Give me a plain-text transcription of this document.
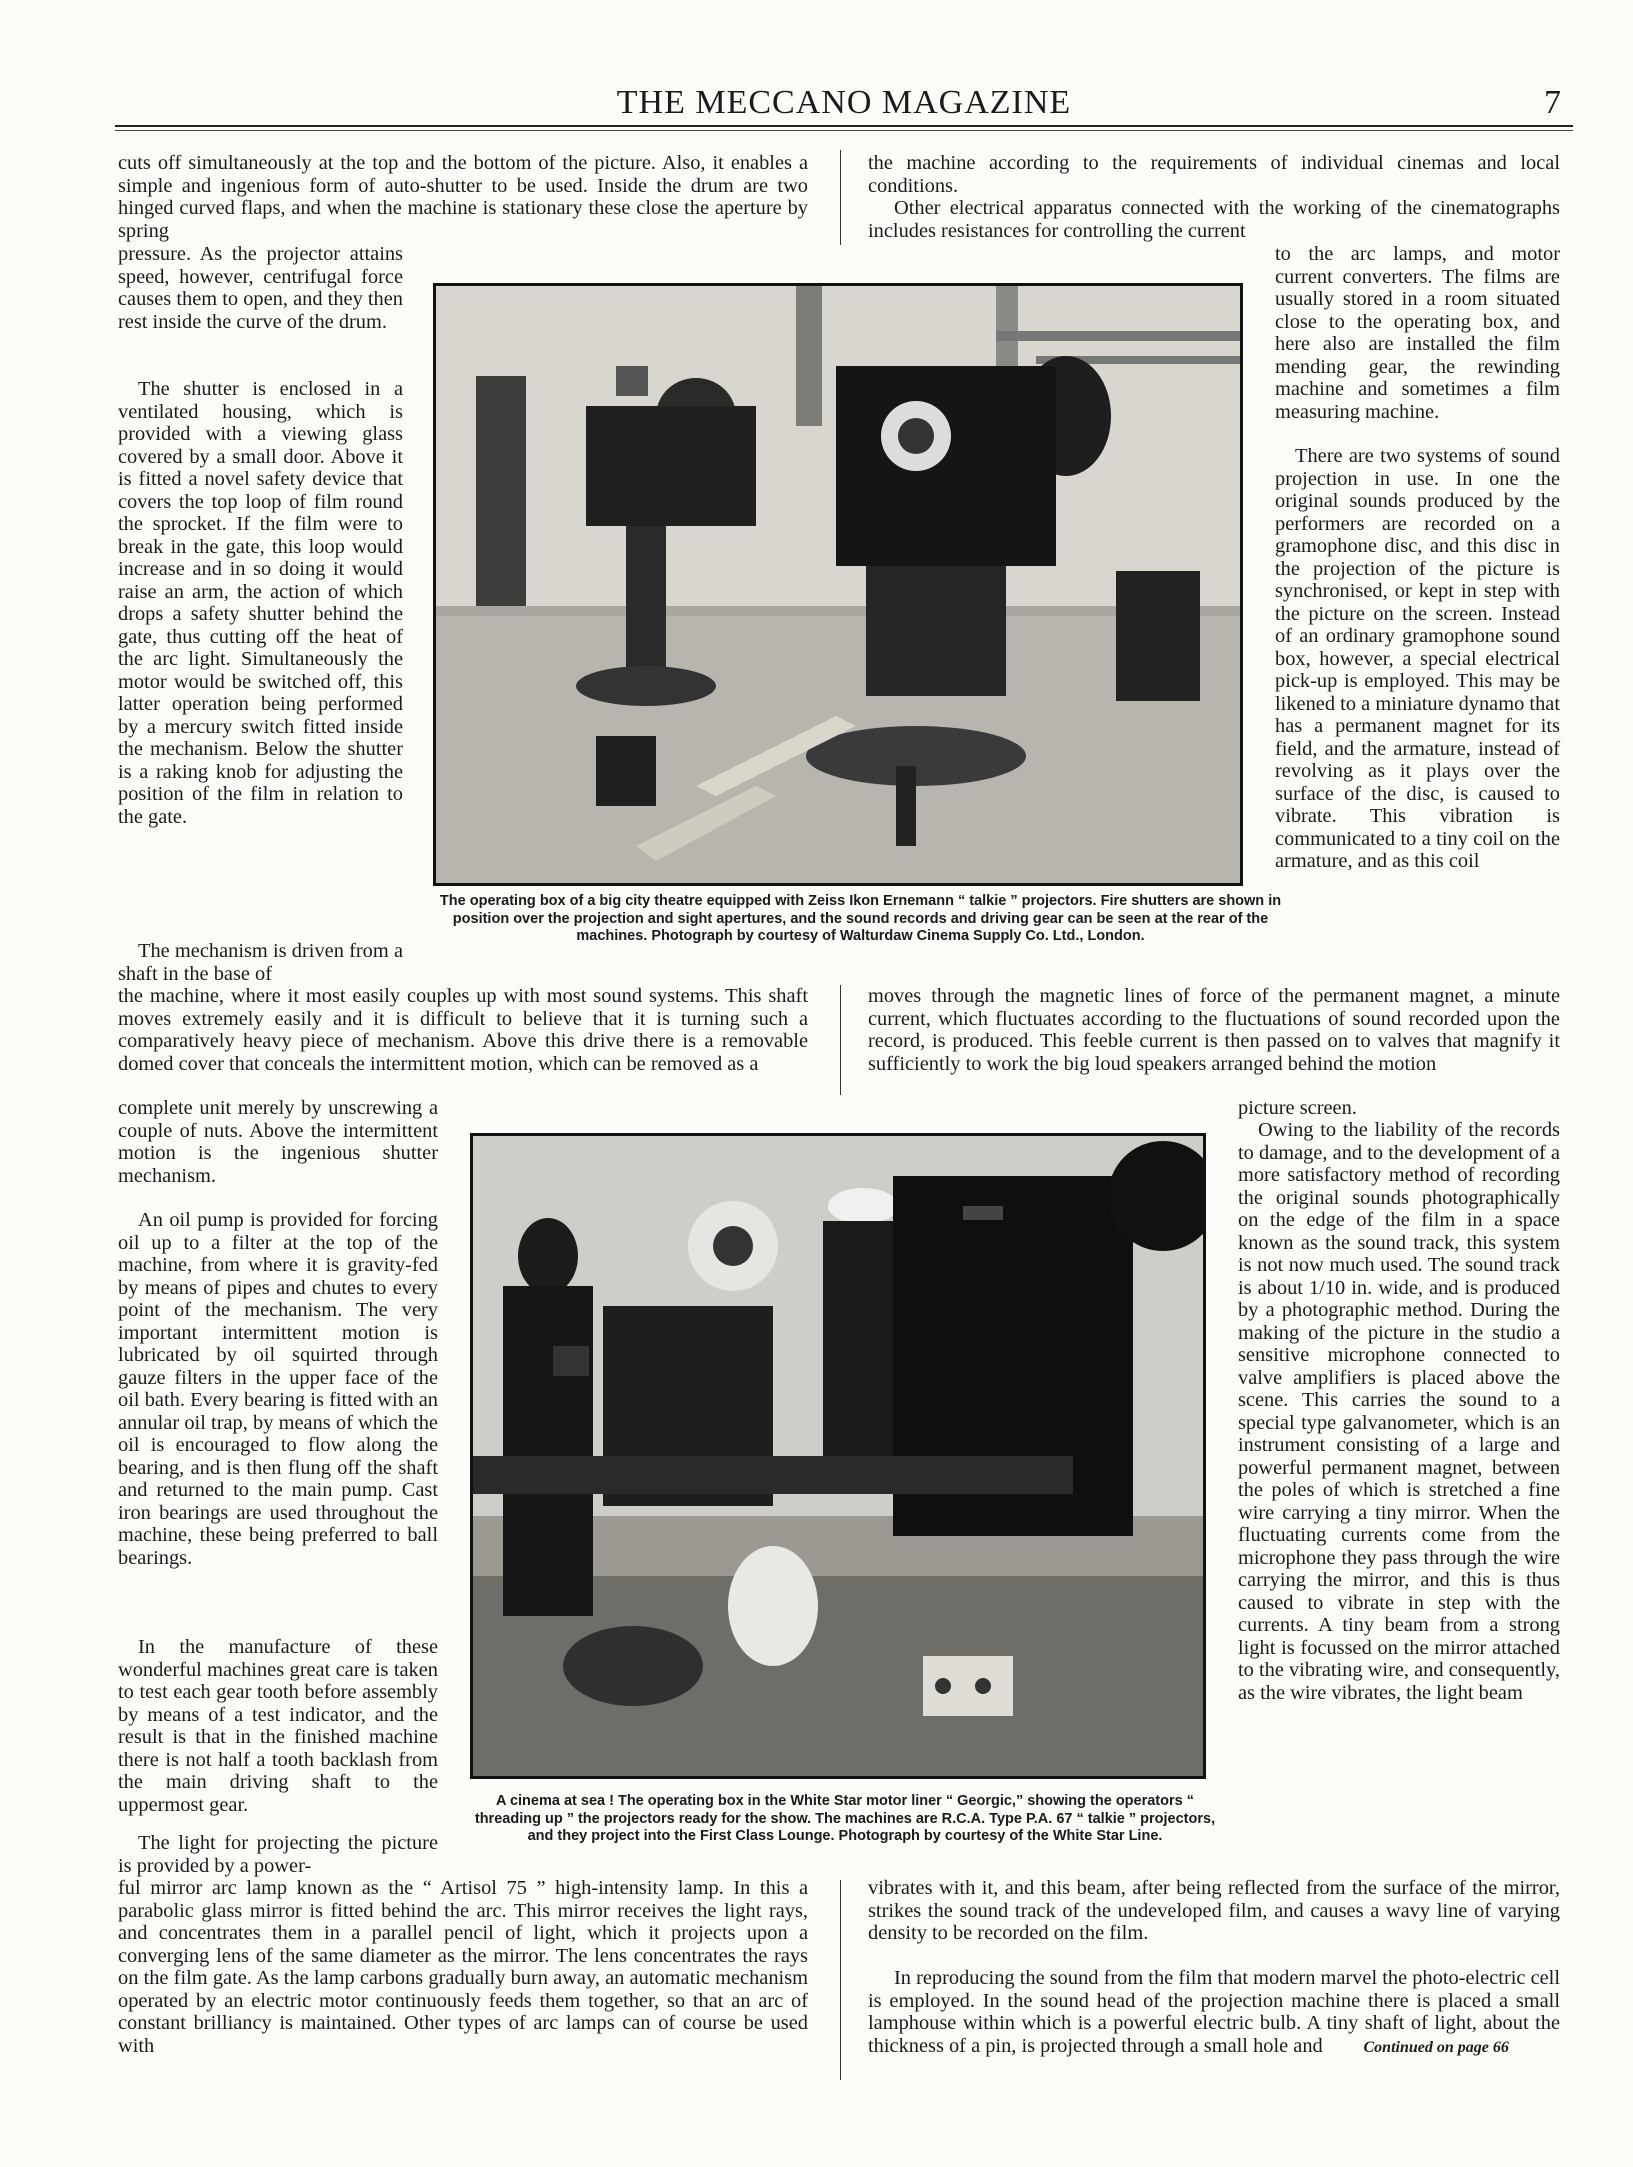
THE MECCANO MAGAZINE	7

cuts off simultaneously at the top and the bottom of the picture. Also, it enables a simple and ingenious form of auto-shutter to be used. Inside the drum are two hinged curved flaps, and when the machine is stationary these close the aperture by spring

pressure. As the projector attains speed, however, centrifugal force causes them to open, and they then rest inside the curve of the drum.

The shutter is enclosed in a ventilated housing, which is provided with a viewing glass covered by a small door. Above it is fitted a novel safety device that covers the top loop of film round the sprocket. If the film were to break in the gate, this loop would increase and in so doing it would raise an arm, the action of which drops a safety shutter behind the gate, thus cutting off the heat of the arc light. Simultaneously the motor would be switched off, this latter operation being performed by a mercury switch fitted inside the mechanism. Below the shutter is a raking knob for adjusting the position of the film in relation to the gate.

The mechanism is driven from a shaft in the base of

the machine, where it most easily couples up with most sound systems. This shaft moves extremely easily and it is difficult to believe that it is turning such a comparatively heavy piece of mechanism. Above this drive there is a removable domed cover that conceals the intermittent motion, which can be removed as a

complete unit merely by unscrewing a couple of nuts. Above the intermittent motion is the ingenious shutter mechanism.

An oil pump is provided for forcing oil up to a filter at the top of the machine, from where it is gravity-fed by means of pipes and chutes to every point of the mechanism. The very important intermittent motion is lubricated by oil squirted through gauze filters in the upper face of the oil bath. Every bearing is fitted with an annular oil trap, by means of which the oil is encouraged to flow along the bearing, and is then flung off the shaft and returned to the main pump. Cast iron bearings are used throughout the machine, these being preferred to ball bearings.

In the manufacture of these wonderful machines great care is taken to test each gear tooth before assembly by means of a test indicator, and the result is that in the finished machine there is not half a tooth backlash from the main driving shaft to the uppermost gear.

The light for projecting the picture is provided by a power-

ful mirror arc lamp known as the “ Artisol 75 ” high-intensity lamp. In this a parabolic glass mirror is fitted behind the arc. This mirror receives the light rays, and concentrates them in a parallel pencil of light, which it projects upon a converging lens of the same diameter as the mirror. The lens concentrates the rays on the film gate. As the lamp carbons gradually burn away, an automatic mechanism operated by an electric motor continuously feeds them together, so that an arc of constant brilliancy is maintained. Other types of arc lamps can of course be used with

the machine according to the requirements of individual cinemas and local conditions.

Other electrical apparatus connected with the working of the cinematographs includes resistances for controlling the current

to the arc lamps, and motor current converters. The films are usually stored in a room situated close to the operating box, and here also are installed the film mending gear, the rewinding machine and sometimes a film measuring machine.

There are two systems of sound projection in use. In one the original sounds produced by the performers are recorded on a gramophone disc, and this disc in the projection of the picture is synchronised, or kept in step with the picture on the screen. Instead of an ordinary gramophone sound box, however, a special electrical pick-up is employed. This may be likened to a miniature dynamo that has a permanent magnet for its field, and the armature, instead of revolving as it plays over the surface of the disc, is caused to vibrate. This vibration is communicated to a tiny coil on the armature, and as this coil

moves through the magnetic lines of force of the permanent magnet, a minute current, which fluctuates according to the fluctuations of sound recorded upon the record, is produced. This feeble current is then passed on to valves that magnify it sufficiently to work the big loud speakers arranged behind the motion

picture screen.

Owing to the liability of the records to damage, and to the development of a more satisfactory method of recording the original sounds photographically on the edge of the film in a space known as the sound track, this system is not now much used. The sound track is about 1/10 in. wide, and is produced by a photographic method. During the making of the picture in the studio a sensitive microphone connected to valve amplifiers is placed above the scene. This carries the sound to a special type galvanometer, which is an instrument consisting of a large and powerful permanent magnet, between the poles of which is stretched a fine wire carrying a tiny mirror. When the fluctuating currents come from the microphone they pass through the wire carrying the mirror, and this is thus caused to vibrate in step with the currents. A tiny beam from a strong light is focussed on the mirror attached to the vibrating wire, and consequently, as the wire vibrates, the light beam

vibrates with it, and this beam, after being reflected from the surface of the mirror, strikes the sound track of the undeveloped film, and causes a wavy line of varying density to be recorded on the film.

In reproducing the sound from the film that modern marvel the photo-electric cell is employed. In the sound head of the projection machine there is placed a small lamphouse within which is a powerful electric bulb. A tiny shaft of light, about the thickness of a pin, is projected through a small hole and	Continued on page 66

The operating box of a big city theatre equipped with Zeiss Ikon Ernemann “ talkie ” projectors. Fire shutters are shown in position over the projection and sight apertures, and the sound records and driving gear can be seen at the rear of the machines. Photograph by courtesy of Walturdaw Cinema Supply Co. Ltd., London.

A cinema at sea ! The operating box in the White Star motor liner “ Georgic,” showing the operators “ threading up ” the projectors ready for the show. The machines are R.C.A. Type P.A. 67 “ talkie ” projectors, and they project into the First Class Lounge. Photograph by courtesy of the White Star Line.
